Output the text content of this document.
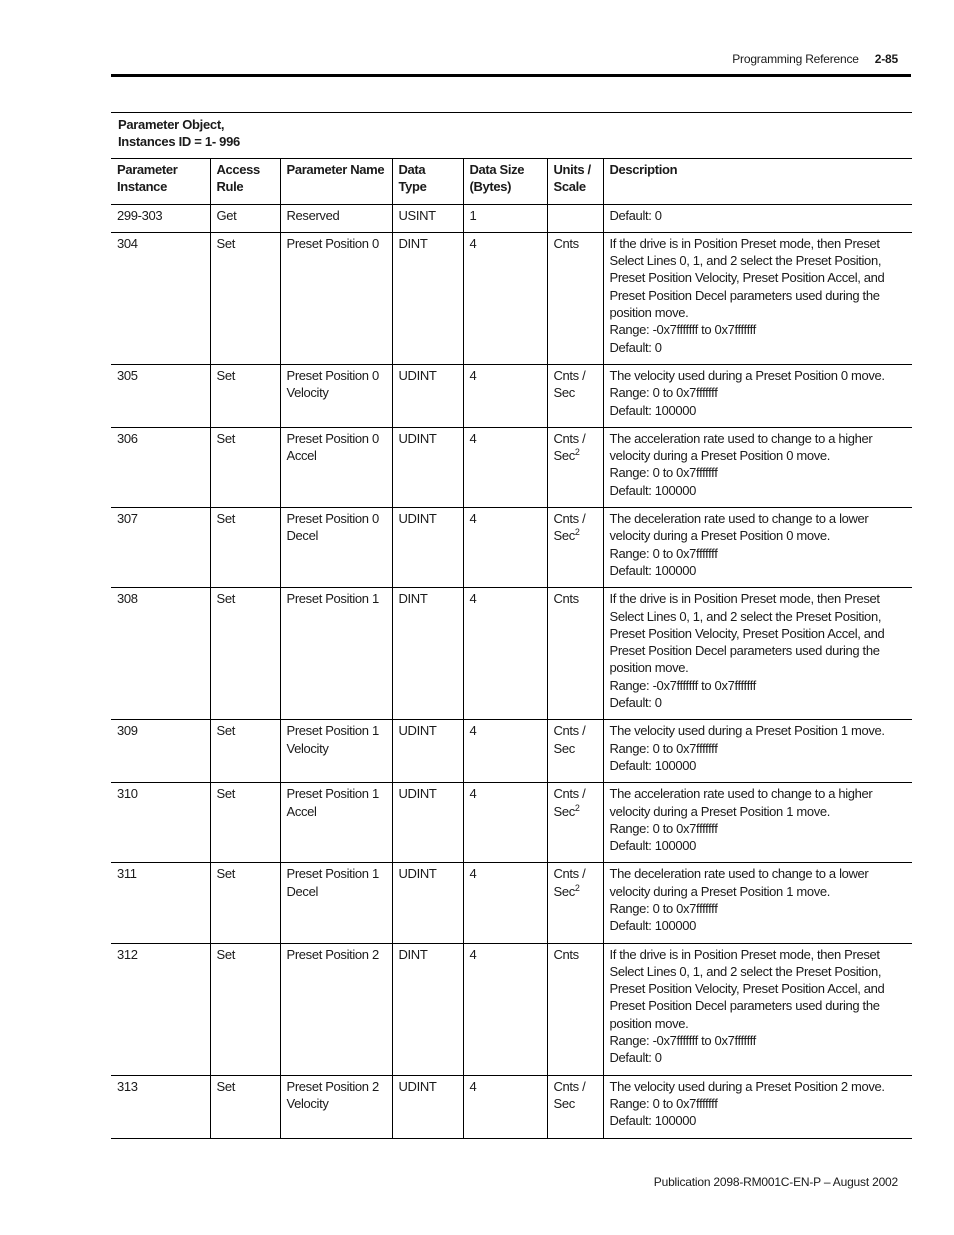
Programming Reference 2-85
Parameter Object,
Instances ID = 1- 996
Parameter Instance	Access Rule	Parameter Name	Data Type	Data Size (Bytes)	Units / Scale	Description
299-303	Get	Reserved	USINT	1		Default: 0

304	Set	Preset Position 0	DINT	4	Cnts	If the drive is in Position Preset mode, then Preset Select Lines 0, 1, and 2 select the Preset Position, Preset Position Velocity, Preset Position Accel, and Preset Position Decel parameters used during the position move.
Range: -0x7fffffff to 0x7fffffff
Default: 0

305	Set	Preset Position 0 Velocity	UDINT	4	Cnts / Sec	The velocity used during a Preset Position 0 move.
Range: 0 to 0x7fffffff
Default: 100000

306	Set	Preset Position 0 Accel	UDINT	4	Cnts / Sec$^2$	The acceleration rate used to change to a higher velocity during a Preset Position 0 move.
Range: 0 to 0x7fffffff
Default: 100000

307	Set	Preset Position 0 Decel	UDINT	4	Cnts / Sec$^2$	The deceleration rate used to change to a lower velocity during a Preset Position 0 move.
Range: 0 to 0x7fffffff
Default: 100000

308	Set	Preset Position 1	DINT	4	Cnts	If the drive is in Position Preset mode, then Preset Select Lines 0, 1, and 2 select the Preset Position, Preset Position Velocity, Preset Position Accel, and Preset Position Decel parameters used during the position move.
Range: -0x7fffffff to 0x7fffffff
Default: 0

309	Set	Preset Position 1 Velocity	UDINT	4	Cnts / Sec	The velocity used during a Preset Position 1 move.
Range: 0 to 0x7fffffff
Default: 100000

310	Set	Preset Position 1 Accel	UDINT	4	Cnts / Sec$^2$	The acceleration rate used to change to a higher velocity during a Preset Position 1 move.
Range: 0 to 0x7fffffff
Default: 100000

311	Set	Preset Position 1 Decel	UDINT	4	Cnts / Sec$^2$	The deceleration rate used to change to a lower velocity during a Preset Position 1 move.
Range: 0 to 0x7fffffff
Default: 100000

312	Set	Preset Position 2	DINT	4	Cnts	If the drive is in Position Preset mode, then Preset Select Lines 0, 1, and 2 select the Preset Position, Preset Position Velocity, Preset Position Accel, and Preset Position Decel parameters used during the position move.
Range: -0x7fffffff to 0x7fffffff
Default: 0

313	Set	Preset Position 2 Velocity	UDINT	4	Cnts / Sec	The velocity used during a Preset Position 2 move.
Range: 0 to 0x7fffffff
Default: 100000
Publication 2098-RM001C-EN-P – August 2002
